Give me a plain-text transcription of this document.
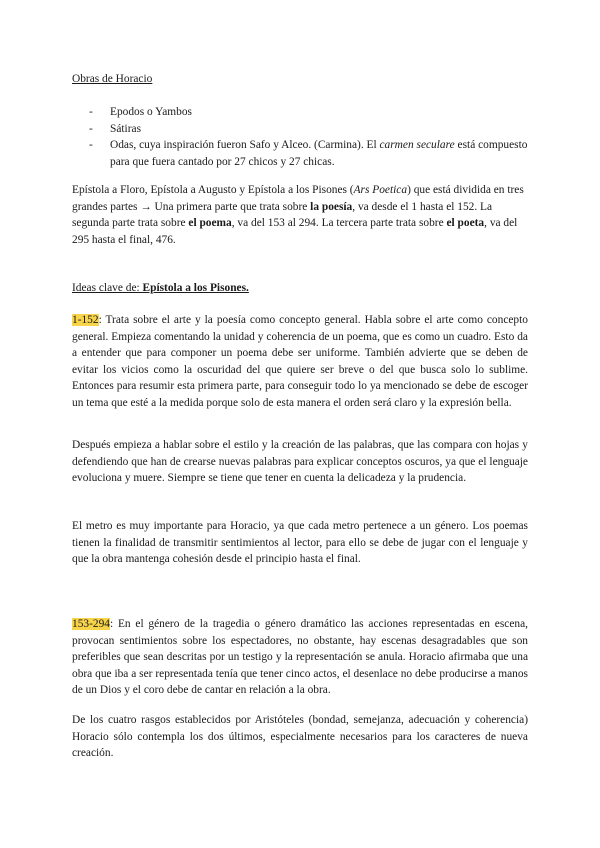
Obras de Horacio

- Epodos o Yambos
- Sátiras
- Odas, cuya inspiración fueron Safo y Alceo. (Carmina). El carmen seculare está compuesto para que fuera cantado por 27 chicos y 27 chicas.

Epístola a Floro, Epístola a Augusto y Epístola a los Pisones (Ars Poetica) que está dividida en tres grandes partes → Una primera parte que trata sobre la poesía, va desde el 1 hasta el 152. La segunda parte trata sobre el poema, va del 153 al 294. La tercera parte trata sobre el poeta, va del 295 hasta el final, 476.

Ideas clave de: Epístola a los Pisones.

1-152: Trata sobre el arte y la poesía como concepto general. Habla sobre el arte como concepto general. Empieza comentando la unidad y coherencia de un poema, que es como un cuadro. Esto da a entender que para componer un poema debe ser uniforme. También advierte que se deben de evitar los vicios como la oscuridad del que quiere ser breve o del que busca solo lo sublime. Entonces para resumir esta primera parte, para conseguir todo lo ya mencionado se debe de escoger un tema que esté a la medida porque solo de esta manera el orden será claro y la expresión bella.

Después empieza a hablar sobre el estilo y la creación de las palabras, que las compara con hojas y defendiendo que han de crearse nuevas palabras para explicar conceptos oscuros, ya que el lenguaje evoluciona y muere. Siempre se tiene que tener en cuenta la delicadeza y la prudencia.

El metro es muy importante para Horacio, ya que cada metro pertenece a un género. Los poemas tienen la finalidad de transmitir sentimientos al lector, para ello se debe de jugar con el lenguaje y que la obra mantenga cohesión desde el principio hasta el final.

153-294: En el género de la tragedia o género dramático las acciones representadas en escena, provocan sentimientos sobre los espectadores, no obstante, hay escenas desagradables que son preferibles que sean descritas por un testigo y la representación se anula. Horacio afirmaba que una obra que iba a ser representada tenía que tener cinco actos, el desenlace no debe producirse a manos de un Dios y el coro debe de cantar en relación a la obra.

De los cuatro rasgos establecidos por Aristóteles (bondad, semejanza, adecuación y coherencia) Horacio sólo contempla los dos últimos, especialmente necesarios para los caracteres de nueva creación.
